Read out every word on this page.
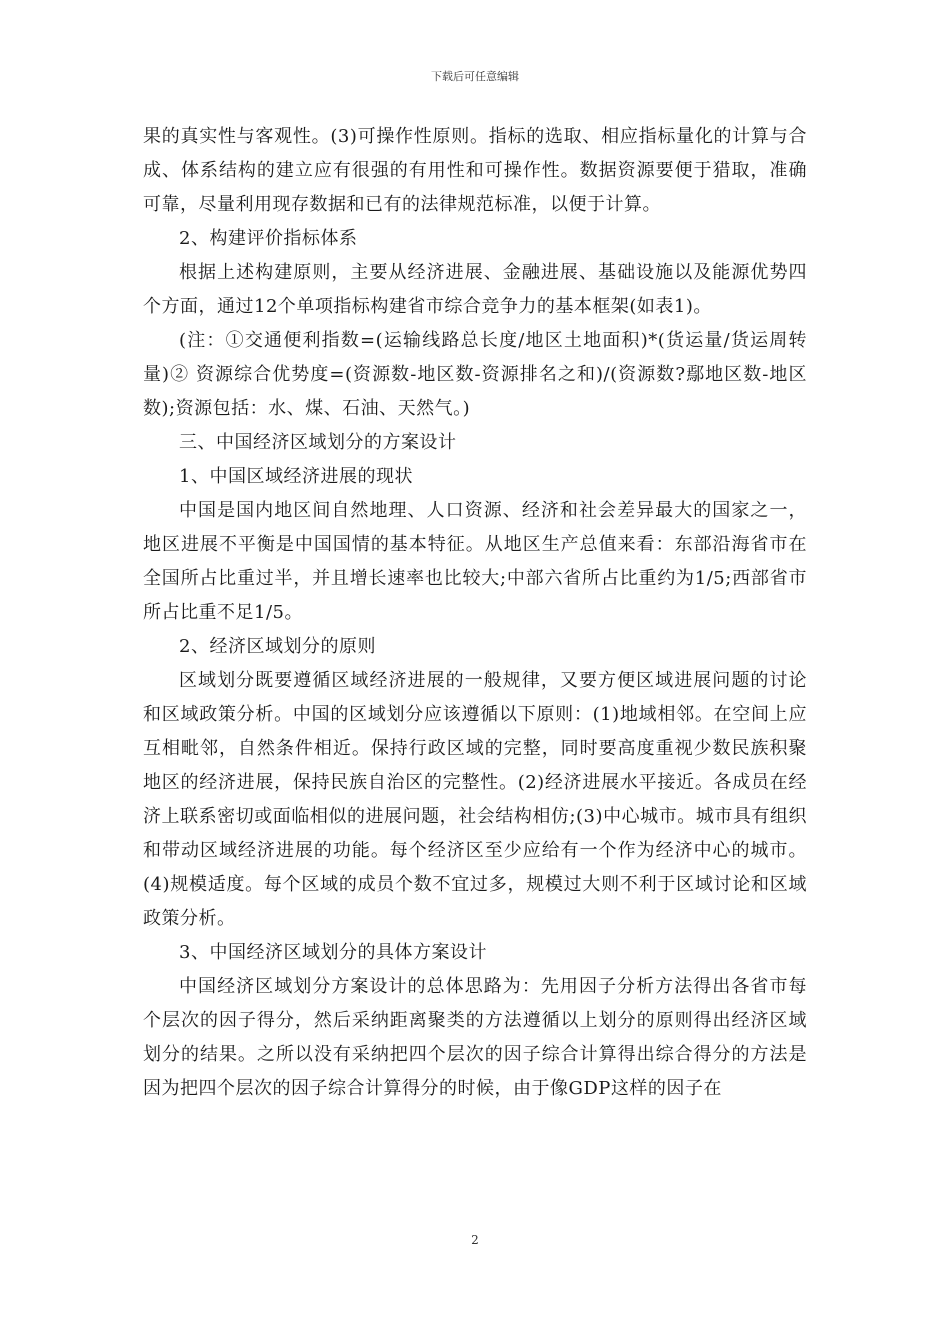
下载后可任意编辑

果的真实性与客观性。(3)可操作性原则。指标的选取、相应指标量化的计算与合成、体系结构的建立应有很强的有用性和可操作性。数据资源要便于猎取，准确可靠，尽量利用现存数据和已有的法律规范标准，以便于计算。

2、构建评价指标体系

根据上述构建原则，主要从经济进展、金融进展、基础设施以及能源优势四个方面，通过12个单项指标构建省市综合竞争力的基本框架(如表1)。

(注：①交通便利指数=(运输线路总长度/地区土地面积)*(货运量/货运周转量)② 资源综合优势度=(资源数-地区数-资源排名之和)/(资源数?鄢地区数-地区数);资源包括：水、煤、石油、天然气。)

三、中国经济区域划分的方案设计

1、中国区域经济进展的现状

中国是国内地区间自然地理、人口资源、经济和社会差异最大的国家之一，地区进展不平衡是中国国情的基本特征。从地区生产总值来看：东部沿海省市在全国所占比重过半，并且增长速率也比较大;中部六省所占比重约为1/5;西部省市所占比重不足1/5。

2、经济区域划分的原则

区域划分既要遵循区域经济进展的一般规律，又要方便区域进展问题的讨论和区域政策分析。中国的区域划分应该遵循以下原则：(1)地域相邻。在空间上应互相毗邻，自然条件相近。保持行政区域的完整，同时要高度重视少数民族积聚地区的经济进展，保持民族自治区的完整性。(2)经济进展水平接近。各成员在经济上联系密切或面临相似的进展问题，社会结构相仿;(3)中心城市。城市具有组织和带动区域经济进展的功能。每个经济区至少应给有一个作为经济中心的城市。(4)规模适度。每个区域的成员个数不宜过多，规模过大则不利于区域讨论和区域政策分析。

3、中国经济区域划分的具体方案设计

中国经济区域划分方案设计的总体思路为：先用因子分析方法得出各省市每个层次的因子得分，然后采纳距离聚类的方法遵循以上划分的原则得出经济区域划分的结果。之所以没有采纳把四个层次的因子综合计算得出综合得分的方法是因为把四个层次的因子综合计算得分的时候，由于像GDP这样的因子在

2
